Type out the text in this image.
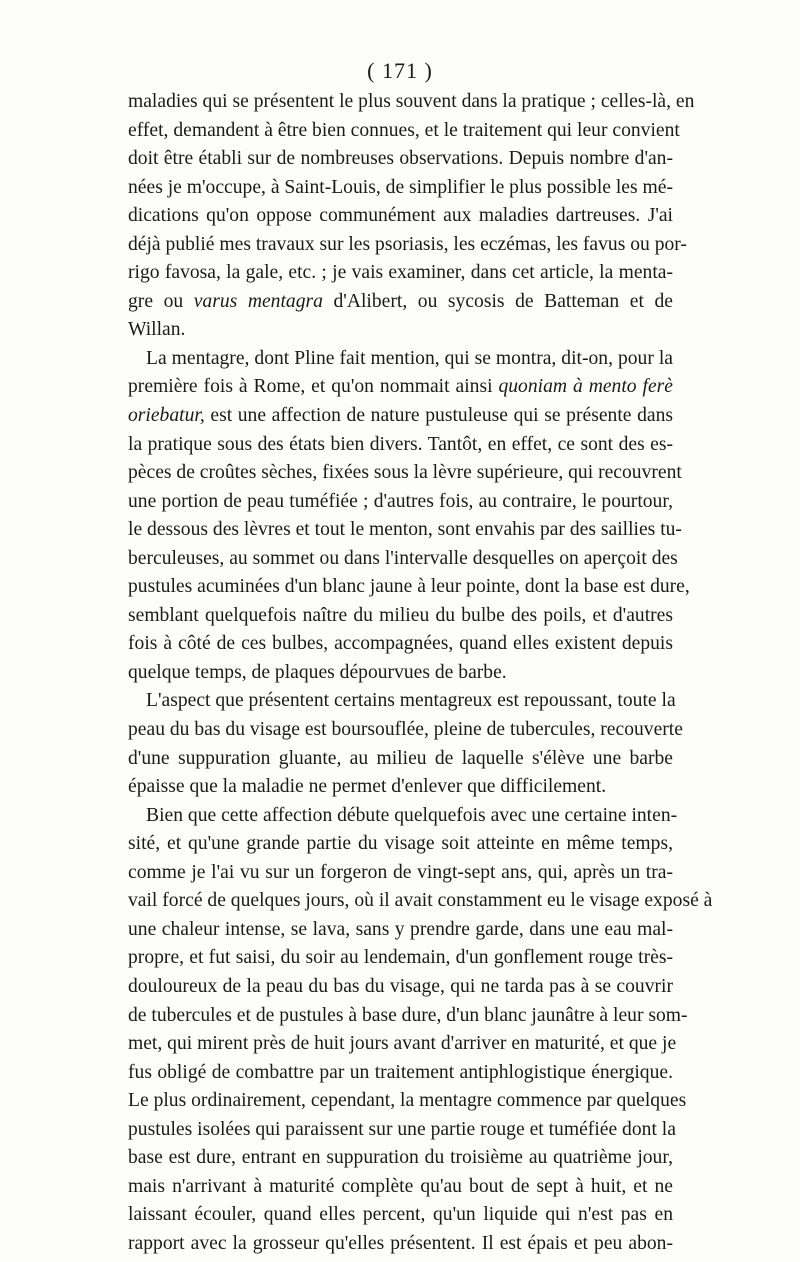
( 171 )
maladies qui se présentent le plus souvent dans la pratique ; celles-là, en
effet, demandent à être bien connues, et le traitement qui leur convient
doit être établi sur de nombreuses observations. Depuis nombre d'an-
nées je m'occupe, à Saint-Louis, de simplifier le plus possible les mé-
dications qu'on oppose communément aux maladies dartreuses. J'ai
déjà publié mes travaux sur les psoriasis, les eczémas, les favus ou por-
rigo favosa, la gale, etc. ; je vais examiner, dans cet article, la menta-
gre ou varus mentagra d'Alibert, ou sycosis de Batteman et de
Willan.
La mentagre, dont Pline fait mention, qui se montra, dit-on, pour la
première fois à Rome, et qu'on nommait ainsi quoniam à mento ferè
oriebatur, est une affection de nature pustuleuse qui se présente dans
la pratique sous des états bien divers. Tantôt, en effet, ce sont des es-
pèces de croûtes sèches, fixées sous la lèvre supérieure, qui recouvrent
une portion de peau tuméfiée ; d'autres fois, au contraire, le pourtour,
le dessous des lèvres et tout le menton, sont envahis par des saillies tu-
berculeuses, au sommet ou dans l'intervalle desquelles on aperçoit des
pustules acuminées d'un blanc jaune à leur pointe, dont la base est dure,
semblant quelquefois naître du milieu du bulbe des poils, et d'autres
fois à côté de ces bulbes, accompagnées, quand elles existent depuis
quelque temps, de plaques dépourvues de barbe.
L'aspect que présentent certains mentagreux est repoussant, toute la
peau du bas du visage est boursouflée, pleine de tubercules, recouverte
d'une suppuration gluante, au milieu de laquelle s'élève une barbe
épaisse que la maladie ne permet d'enlever que difficilement.
Bien que cette affection débute quelquefois avec une certaine inten-
sité, et qu'une grande partie du visage soit atteinte en même temps,
comme je l'ai vu sur un forgeron de vingt-sept ans, qui, après un tra-
vail forcé de quelques jours, où il avait constamment eu le visage exposé à
une chaleur intense, se lava, sans y prendre garde, dans une eau mal-
propre, et fut saisi, du soir au lendemain, d'un gonflement rouge très-
douloureux de la peau du bas du visage, qui ne tarda pas à se couvrir
de tubercules et de pustules à base dure, d'un blanc jaunâtre à leur som-
met, qui mirent près de huit jours avant d'arriver en maturité, et que je
fus obligé de combattre par un traitement antiphlogistique énergique.
Le plus ordinairement, cependant, la mentagre commence par quelques
pustules isolées qui paraissent sur une partie rouge et tuméfiée dont la
base est dure, entrant en suppuration du troisième au quatrième jour,
mais n'arrivant à maturité complète qu'au bout de sept à huit, et ne
laissant écouler, quand elles percent, qu'un liquide qui n'est pas en
rapport avec la grosseur qu'elles présentent. Il est épais et peu abon-
